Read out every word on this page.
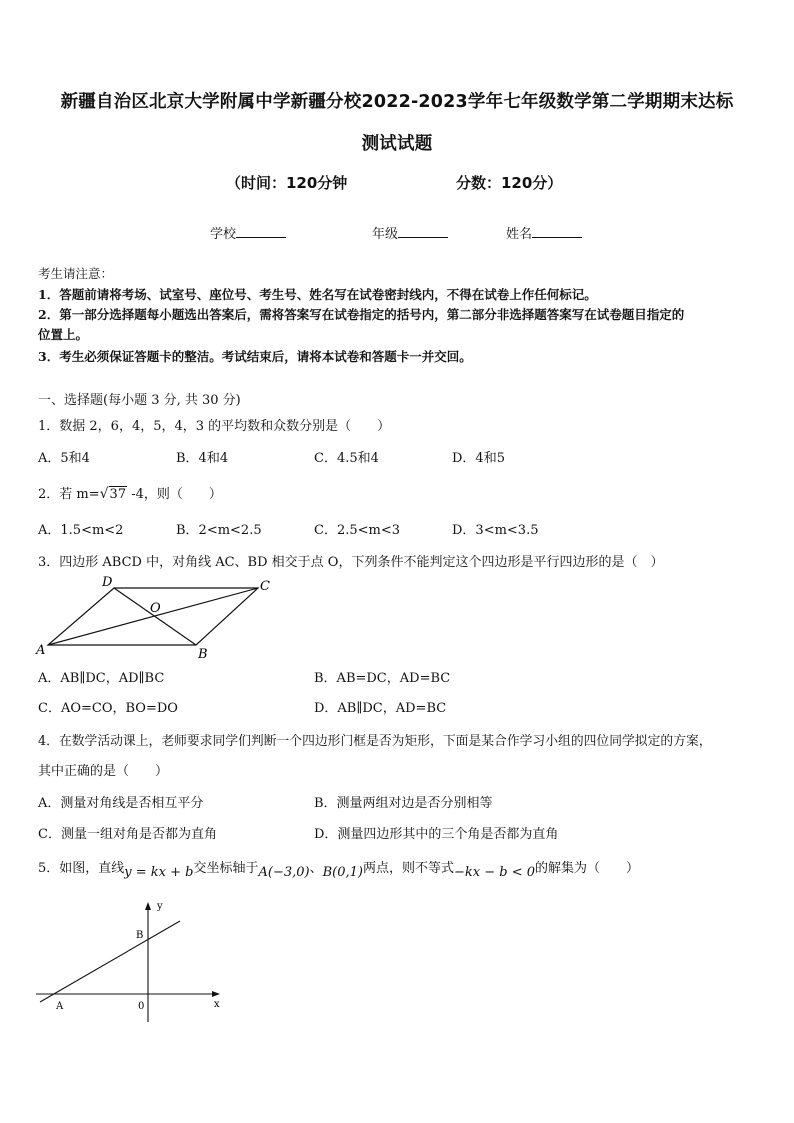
新疆自治区北京大学附属中学新疆分校2022-2023学年七年级数学第二学期期末达标
测试试题
（时间：120分钟	分数：120分）
学校	年级	姓名
考生请注意：
1．答题前请将考场、试室号、座位号、考生号、姓名写在试卷密封线内，不得在试卷上作任何标记。
2．第一部分选择题每小题选出答案后，需将答案写在试卷指定的括号内，第二部分非选择题答案写在试卷题目指定的
位置上。
3．考生必须保证答题卡的整洁。考试结束后，请将本试卷和答题卡一并交回。
一、选择题(每小题 3 分, 共 30 分)
1．数据 2，6，4，5，4，3 的平均数和众数分别是（　　）
A．5和4	B．4和4	C．4.5和4	D．4和5
2．若 m=√37 -4，则（　　）
A．1.5<m<2	B．2<m<2.5	C．2.5<m<3	D．3<m<3.5
3．四边形 ABCD 中，对角线 AC、BD 相交于点 O，下列条件不能判定这个四边形是平行四边形的是（　）
D	C
O
A	B
A．AB∥DC，AD∥BC	B．AB=DC，AD=BC
C．AO=CO，BO=DO	D．AB∥DC，AD=BC
4．在数学活动课上，老师要求同学们判断一个四边形门框是否为矩形，下面是某合作学习小组的四位同学拟定的方案，
其中正确的是（　　）
A．测量对角线是否相互平分	B．测量两组对边是否分别相等
C．测量一组对角是否都为直角	D．测量四边形其中的三个角是否都为直角
5．如图，直线y = kx + b交坐标轴于A(−3,0)、B(0,1)两点，则不等式−kx − b < 0的解集为（　　）
y
x
B
A	0
